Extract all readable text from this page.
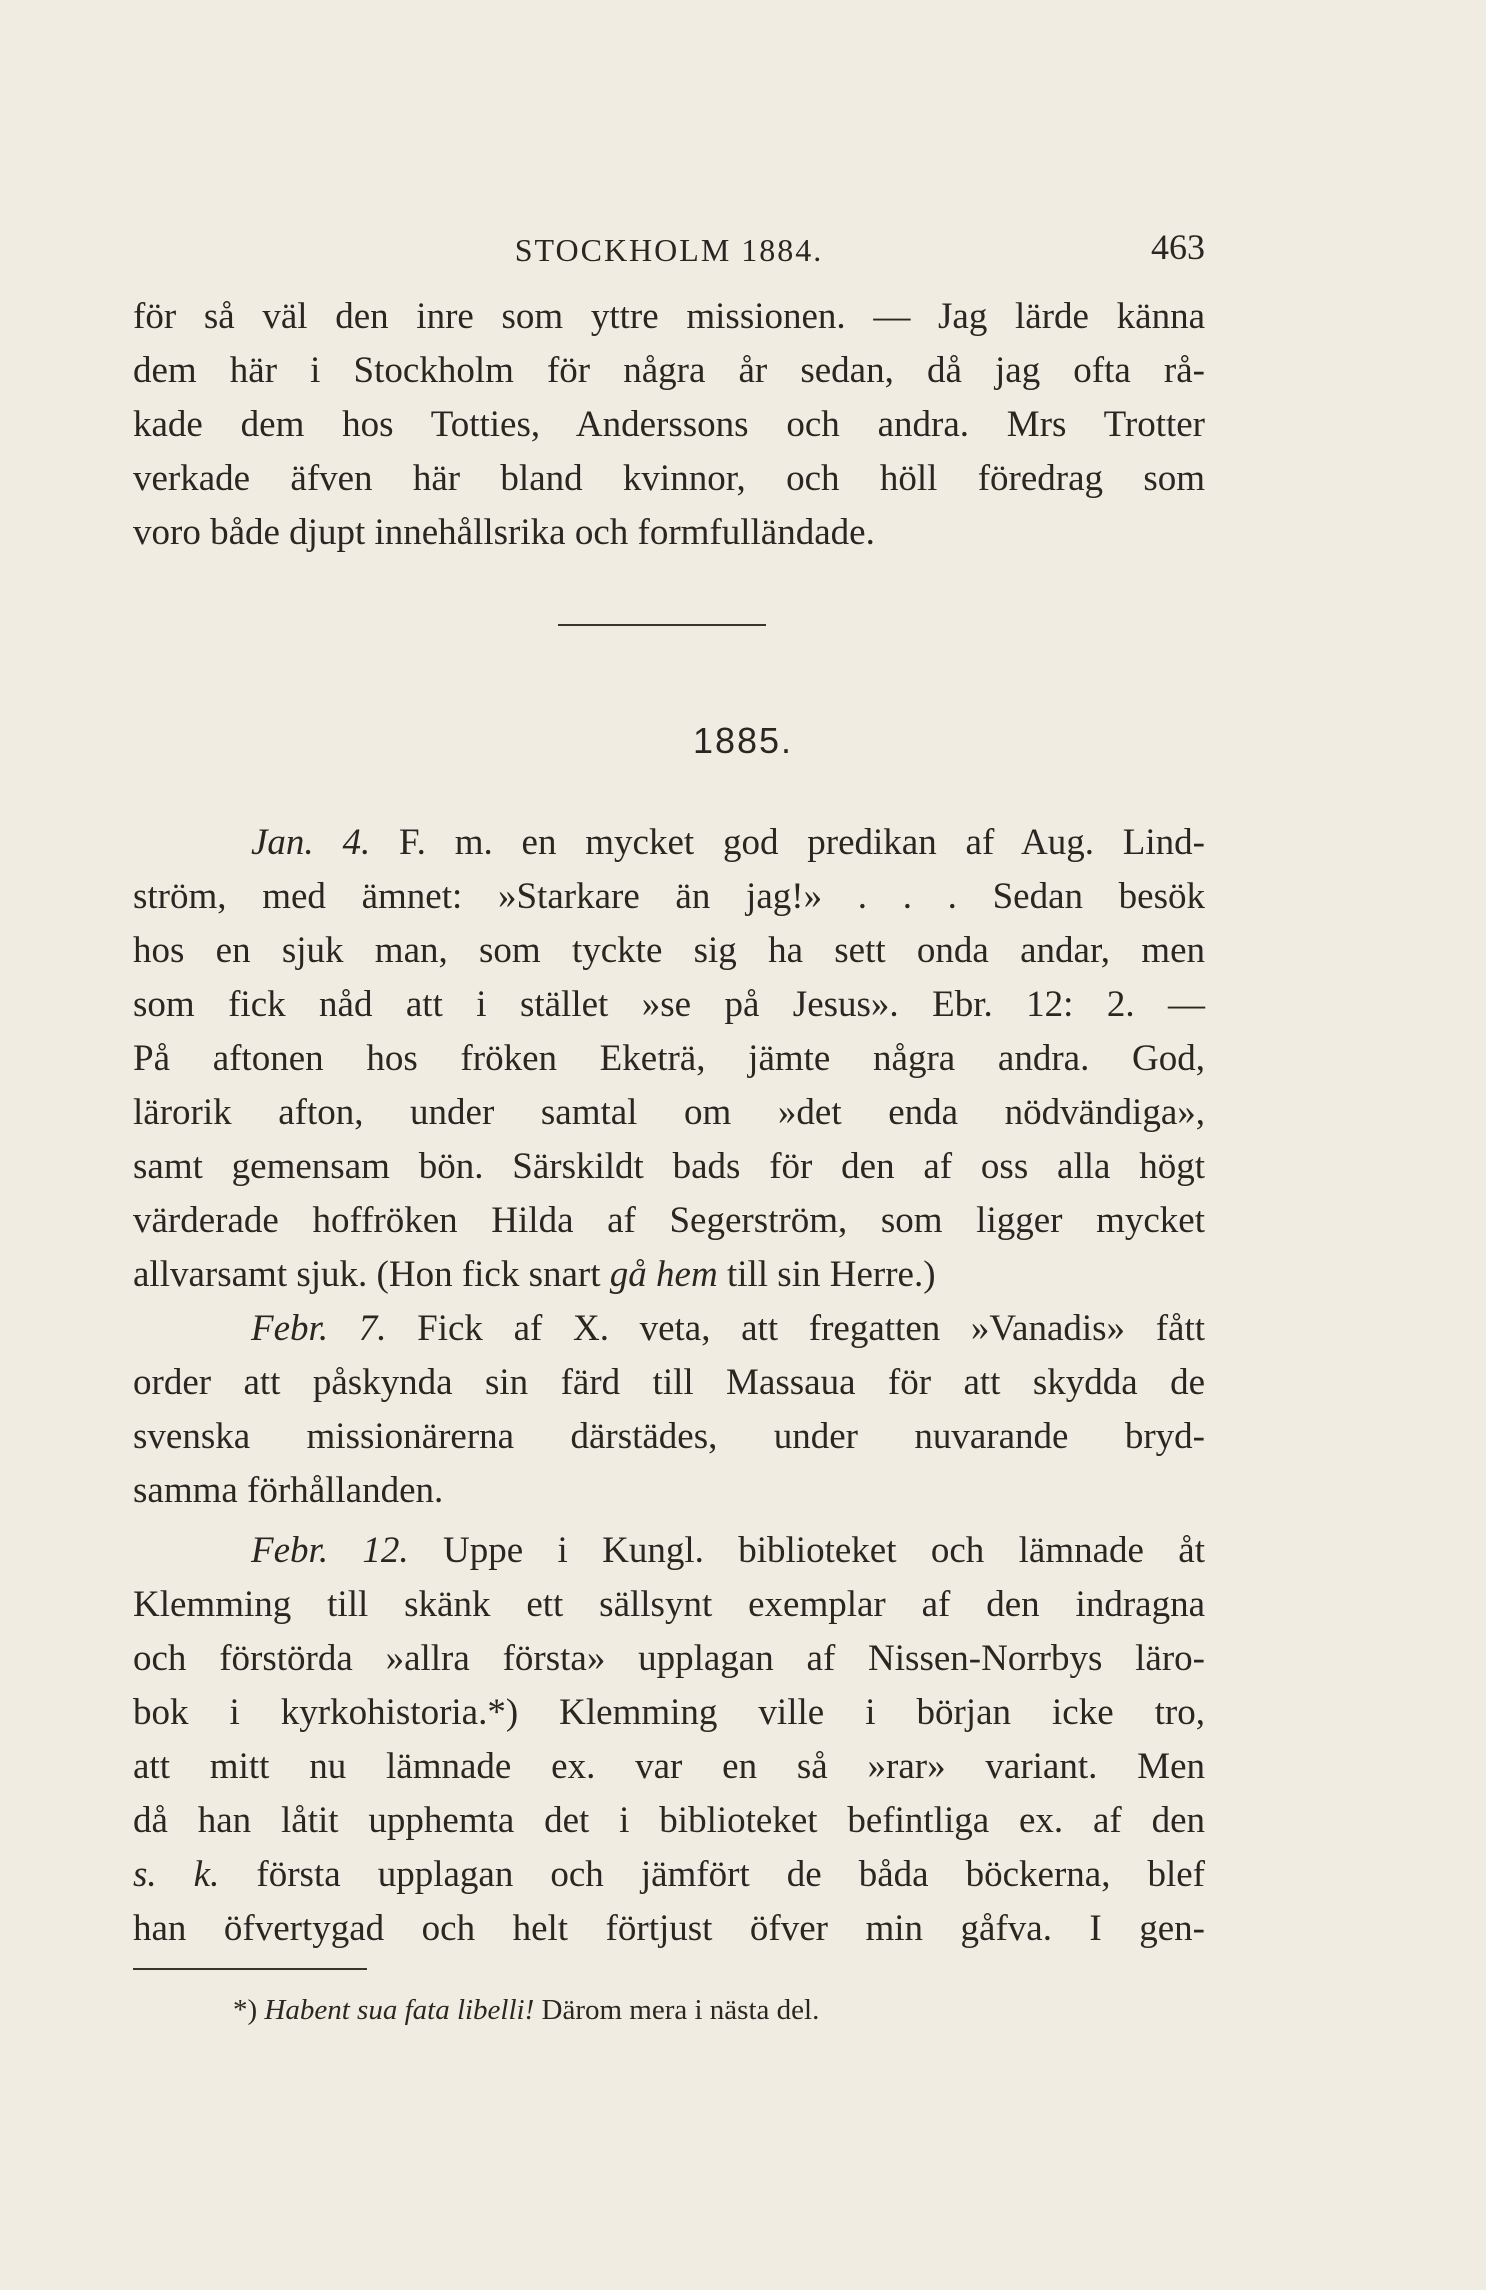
STOCKHOLM 1884.	463
för så väl den inre som yttre missionen. — Jag lärde känna
dem här i Stockholm för några år sedan, då jag ofta rå-
kade dem hos Totties, Anderssons och andra. Mrs Trotter
verkade äfven här bland kvinnor, och höll föredrag som
voro både djupt innehållsrika och formfulländade.
1885.
Jan. 4. F. m. en mycket god predikan af Aug. Lind-
ström, med ämnet: »Starkare än jag!» . . . Sedan besök
hos en sjuk man, som tyckte sig ha sett onda andar, men
som fick nåd att i stället »se på Jesus». Ebr. 12: 2. —
På aftonen hos fröken Eketrä, jämte några andra. God,
lärorik afton, under samtal om »det enda nödvändiga»,
samt gemensam bön. Särskildt bads för den af oss alla högt
värderade hoffröken Hilda af Segerström, som ligger mycket
allvarsamt sjuk. (Hon fick snart gå hem till sin Herre.)
Febr. 7. Fick af X. veta, att fregatten »Vanadis» fått
order att påskynda sin färd till Massaua för att skydda de
svenska missionärerna därstädes, under nuvarande bryd-
samma förhållanden.
Febr. 12. Uppe i Kungl. biblioteket och lämnade åt
Klemming till skänk ett sällsynt exemplar af den indragna
och förstörda »allra första» upplagan af Nissen-Norrbys läro-
bok i kyrkohistoria.*) Klemming ville i början icke tro,
att mitt nu lämnade ex. var en så »rar» variant. Men
då han låtit upphemta det i biblioteket befintliga ex. af den
s. k. första upplagan och jämfört de båda böckerna, blef
han öfvertygad och helt förtjust öfver min gåfva. I gen-
*) Habent sua fata libelli! Därom mera i nästa del.
